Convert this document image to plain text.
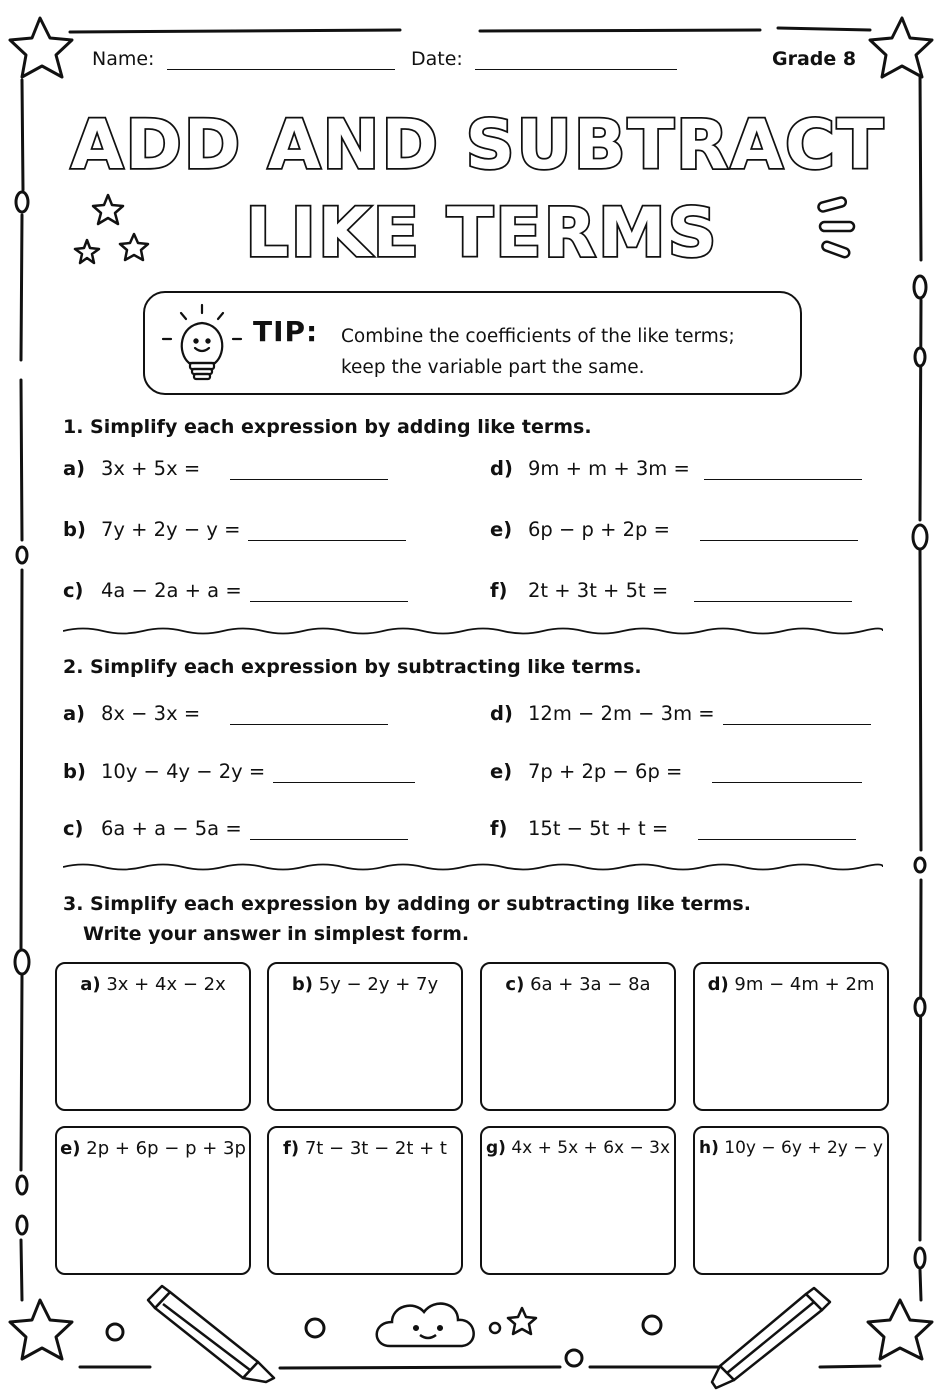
Name:	Date:	Grade 8
ADD AND SUBTRACT
LIKE TERMS
TIP: Combine the coefficients of the like terms;
keep the variable part the same.
1. Simplify each expression by adding like terms.
a) 3x + 5x =
b) 7y + 2y − y =
c) 4a − 2a + a =
d) 9m + m + 3m =
e) 6p − p + 2p =
f) 2t + 3t + 5t =
2. Simplify each expression by subtracting like terms.
a) 8x − 3x =
b) 10y − 4y − 2y =
c) 6a + a − 5a =
d) 12m − 2m − 3m =
e) 7p + 2p − 6p =
f) 15t − 5t + t =
3. Simplify each expression by adding or subtracting like terms.
Write your answer in simplest form.
a) 3x + 4x − 2x	b) 5y − 2y + 7y	c) 6a + 3a − 8a	d) 9m − 4m + 2m
e) 2p + 6p − p + 3p	f) 7t − 3t − 2t + t	g) 4x + 5x + 6x − 3x h) 10y − 6y + 2y − y
